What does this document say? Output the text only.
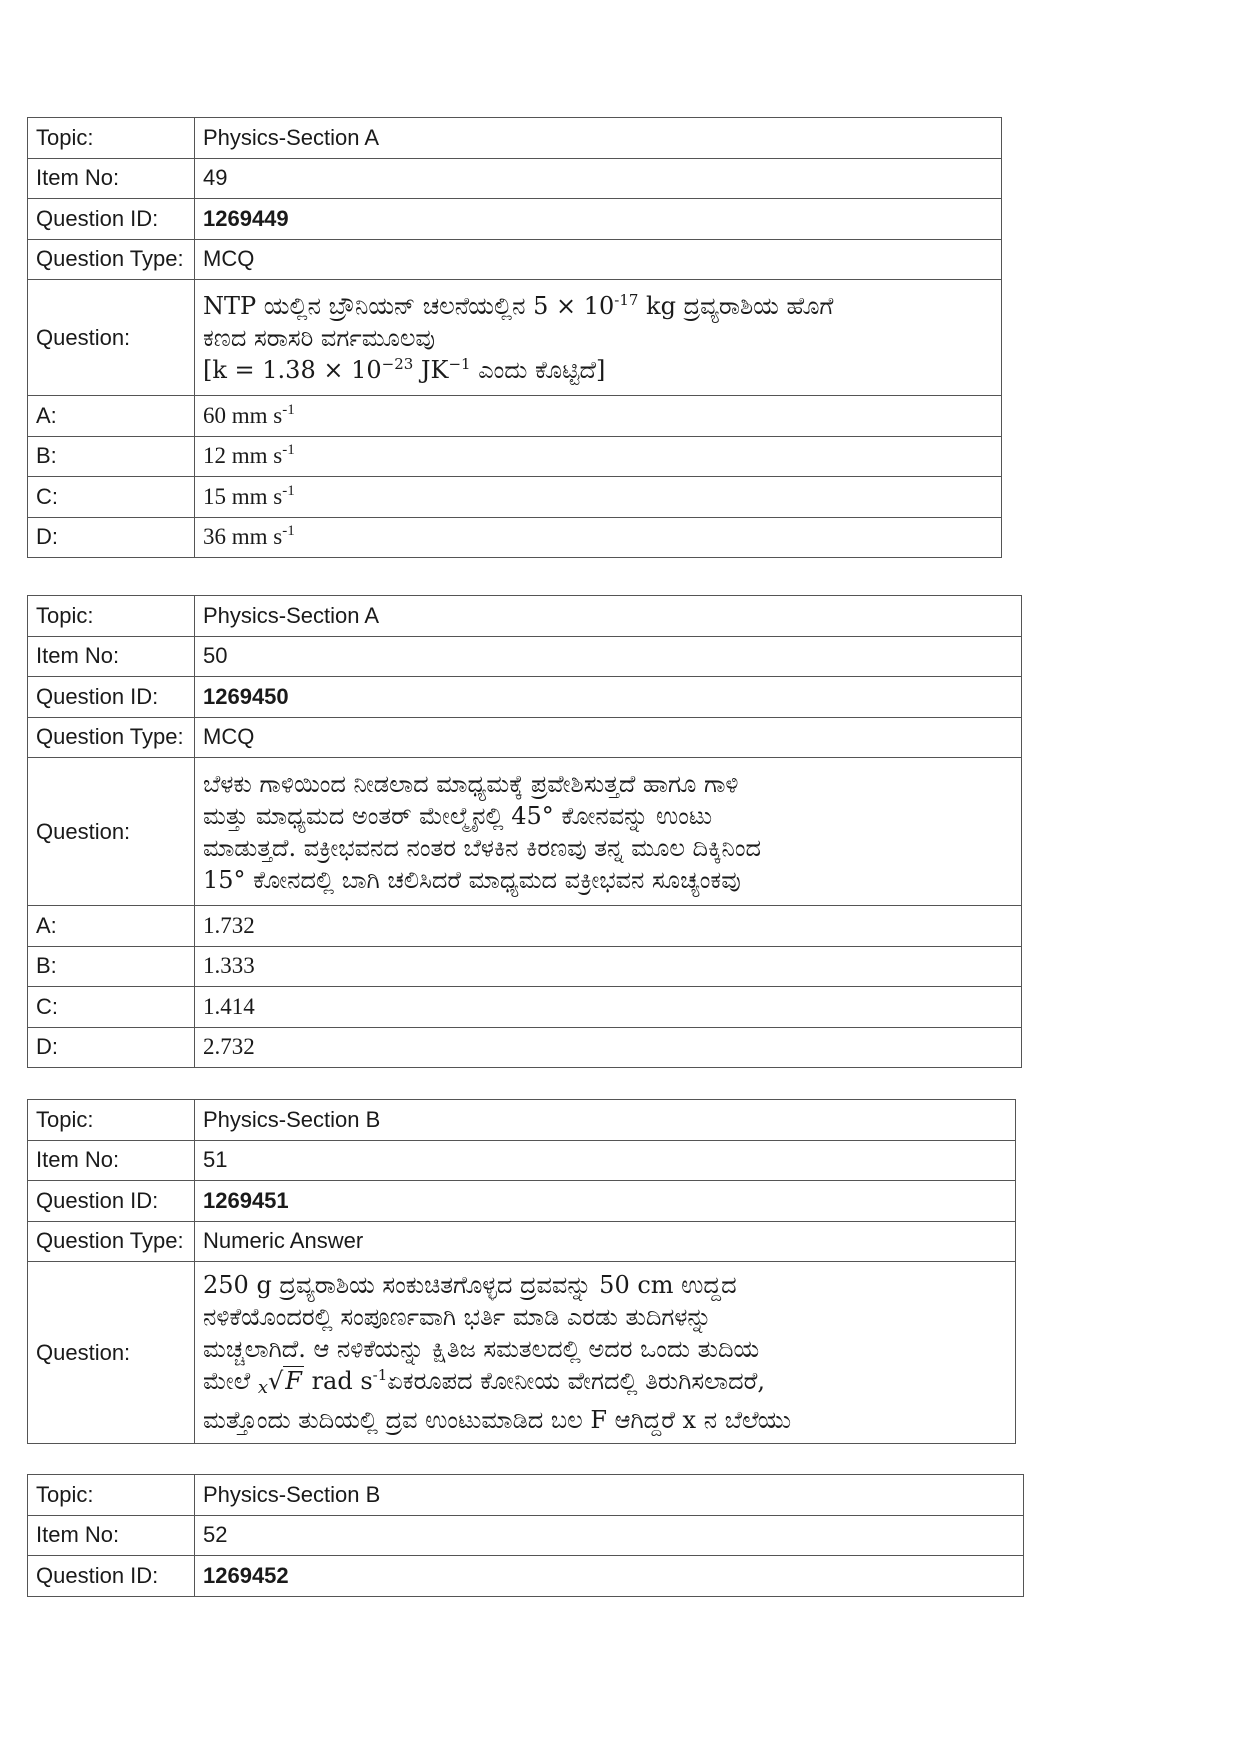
Topic:	Physics-Section A
Item No:	49
Question ID:	1269449
Question Type:	MCQ
Question:	NTP ಯಲ್ಲಿನ ಬ್ರೌನಿಯನ್ ಚಲನೆಯಲ್ಲಿನ $5 \times 10^{-17}$ kg ದ್ರವ್ಯರಾಶಿಯ ಹೊಗೆ
ಕಣದ ಸರಾಸರಿ ವರ್ಗಮೂಲವು
[$k = 1.38 \times 10^{-23}$ $JK^{-1}$ ಎಂದು ಕೊಟ್ಟಿದೆ]
A:	60 mm $s^{-1}$
B:	12 mm $s^{-1}$
C:	15 mm $s^{-1}$
D:	36 mm $s^{-1}$
Topic:	Physics-Section A
Item No:	50
Question ID:	1269450
Question Type:	MCQ
Question:	ಬೆಳಕು ಗಾಳಿಯಿಂದ ನೀಡಲಾದ ಮಾಧ್ಯಮಕ್ಕೆ ಪ್ರವೇಶಿಸುತ್ತದೆ ಹಾಗೂ ಗಾಳಿ
ಮತ್ತು ಮಾಧ್ಯಮದ ಅಂತರ್ ಮೇಲ್ಮೈನಲ್ಲಿ 45° ಕೋನವನ್ನು ಉಂಟು
ಮಾಡುತ್ತದೆ. ವಕ್ರೀಭವನದ ನಂತರ ಬೆಳಕಿನ ಕಿರಣವು ತನ್ನ ಮೂಲ ದಿಕ್ಕಿನಿಂದ
15° ಕೋನದಲ್ಲಿ ಬಾಗಿ ಚಲಿಸಿದರೆ ಮಾಧ್ಯಮದ ವಕ್ರೀಭವನ ಸೂಚ್ಯಂಕವು
A:	1.732
B:	1.333
C:	1.414
D:	2.732
Topic:	Physics-Section B
Item No:	51
Question ID:	1269451
Question Type:	Numeric Answer
Question:	250 g ದ್ರವ್ಯರಾಶಿಯ ಸಂಕುಚಿತಗೊಳ್ಳದ ದ್ರವವನ್ನು 50 cm ಉದ್ದದ
ನಳಿಕೆಯೊಂದರಲ್ಲಿ ಸಂಪೂರ್ಣವಾಗಿ ಭರ್ತಿ ಮಾಡಿ ಎರಡು ತುದಿಗಳನ್ನು
ಮಚ್ಚಲಾಗಿದೆ. ಆ ನಳಿಕೆಯನ್ನು ಕ್ಷಿತಿಜ ಸಮತಲದಲ್ಲಿ ಅದರ ಒಂದು ತುದಿಯ
ಮೇಲೆ x√F rad $s^{-1}ಏಕರೂಪದ$ ಕೋನೀಯ ವೇಗದಲ್ಲಿ ತಿರುಗಿಸಲಾದರೆ,
ಮತ್ತೊಂದು ತುದಿಯಲ್ಲಿ ದ್ರವ ಉಂಟುಮಾಡಿದ ಬಲ F ಆಗಿದ್ದರೆ x ನ ಬೆಲೆಯು
Topic:	Physics-Section B
Item No:	52
Question ID:	1269452
